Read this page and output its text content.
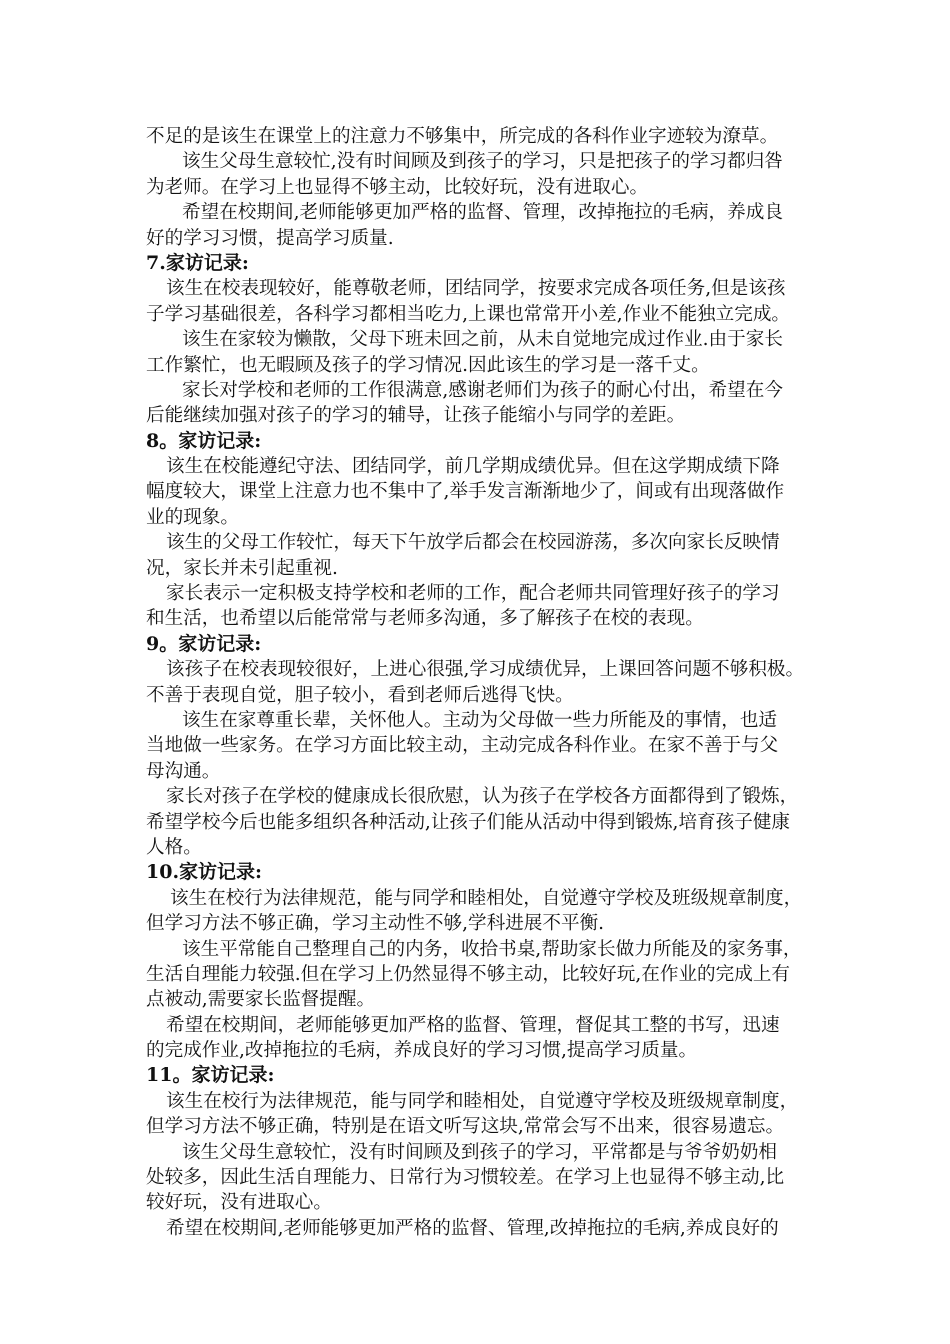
不足的是该生在课堂上的注意力不够集中，所完成的各科作业字迹较为潦草。
该生父母生意较忙,没有时间顾及到孩子的学习，只是把孩子的学习都归咎
为老师。在学习上也显得不够主动，比较好玩，没有进取心。
希望在校期间,老师能够更加严格的监督、管理，改掉拖拉的毛病，养成良
好的学习习惯，提高学习质量.
7.家访记录:
该生在校表现较好，能尊敬老师，团结同学，按要求完成各项任务,但是该孩
子学习基础很差，各科学习都相当吃力,上课也常常开小差,作业不能独立完成。
该生在家较为懒散，父母下班未回之前，从未自觉地完成过作业.由于家长
工作繁忙，也无暇顾及孩子的学习情况.因此该生的学习是一落千丈。
家长对学校和老师的工作很满意,感谢老师们为孩子的耐心付出，希望在今
后能继续加强对孩子的学习的辅导，让孩子能缩小与同学的差距。
8。家访记录:
该生在校能遵纪守法、团结同学，前几学期成绩优异。但在这学期成绩下降
幅度较大，课堂上注意力也不集中了,举手发言渐渐地少了，间或有出现落做作
业的现象。
该生的父母工作较忙，每天下午放学后都会在校园游荡，多次向家长反映情
况，家长并未引起重视.
家长表示一定积极支持学校和老师的工作，配合老师共同管理好孩子的学习
和生活，也希望以后能常常与老师多沟通，多了解孩子在校的表现。
9。家访记录:
该孩子在校表现较很好，上进心很强,学习成绩优异，上课回答问题不够积极。
不善于表现自觉，胆子较小，看到老师后逃得飞快。
该生在家尊重长辈，关怀他人。主动为父母做一些力所能及的事情，也适
当地做一些家务。在学习方面比较主动，主动完成各科作业。在家不善于与父
母沟通。
家长对孩子在学校的健康成长很欣慰，认为孩子在学校各方面都得到了锻炼，
希望学校今后也能多组织各种活动,让孩子们能从活动中得到锻炼,培育孩子健康
人格。
10.家访记录:
该生在校行为法律规范，能与同学和睦相处，自觉遵守学校及班级规章制度，
但学习方法不够正确，学习主动性不够,学科进展不平衡.
该生平常能自己整理自己的内务，收拾书桌,帮助家长做力所能及的家务事，
生活自理能力较强.但在学习上仍然显得不够主动，比较好玩,在作业的完成上有
点被动,需要家长监督提醒。
希望在校期间，老师能够更加严格的监督、管理，督促其工整的书写，迅速
的完成作业,改掉拖拉的毛病，养成良好的学习习惯,提高学习质量。
11。家访记录:
该生在校行为法律规范，能与同学和睦相处，自觉遵守学校及班级规章制度，
但学习方法不够正确，特别是在语文听写这块,常常会写不出来，很容易遗忘。
该生父母生意较忙，没有时间顾及到孩子的学习，平常都是与爷爷奶奶相
处较多，因此生活自理能力、日常行为习惯较差。在学习上也显得不够主动,比
较好玩，没有进取心。
希望在校期间,老师能够更加严格的监督、管理,改掉拖拉的毛病,养成良好的
